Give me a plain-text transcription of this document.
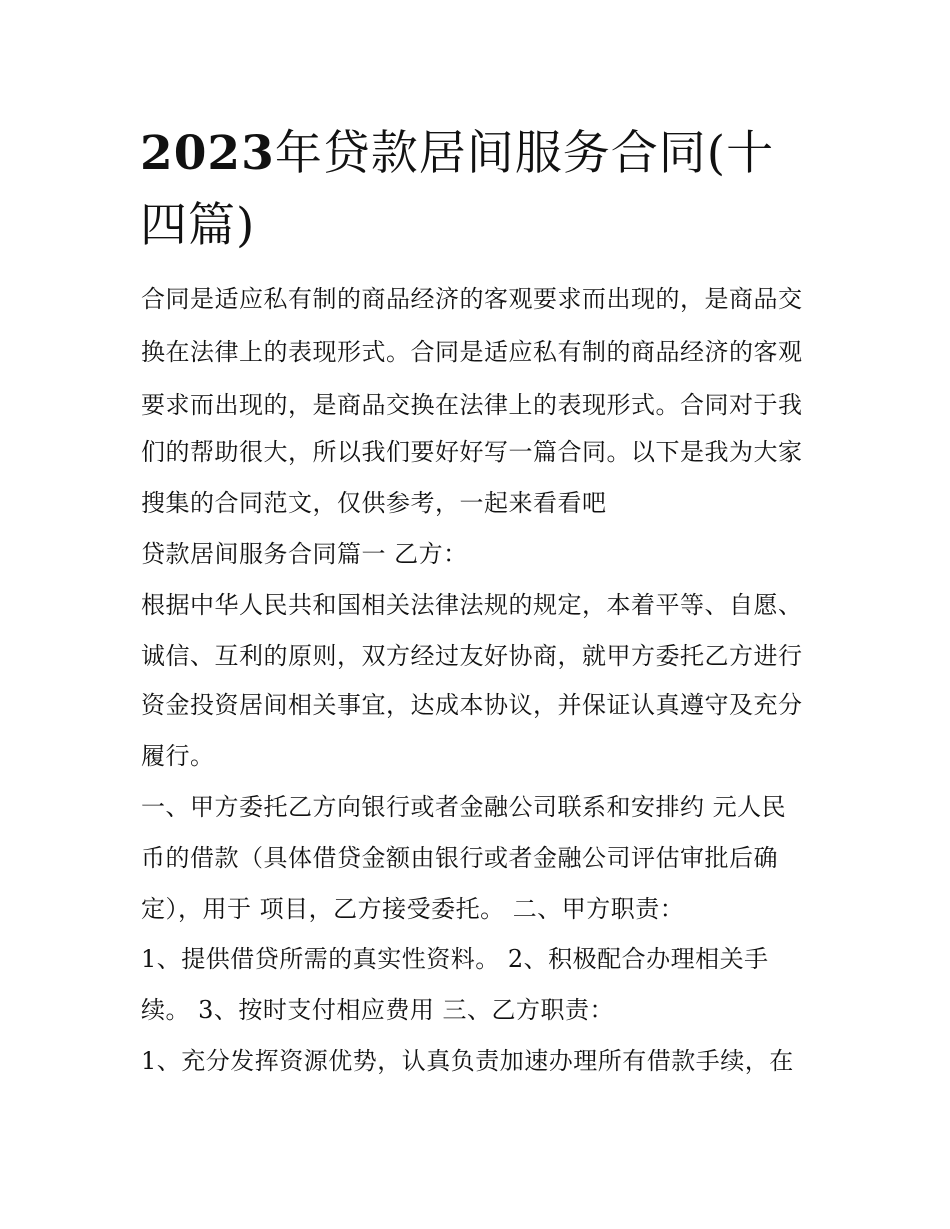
2023年贷款居间服务合同(十
四篇)

合同是适应私有制的商品经济的客观要求而出现的，是商品交

换在法律上的表现形式。合同是适应私有制的商品经济的客观

要求而出现的，是商品交换在法律上的表现形式。合同对于我

们的帮助很大，所以我们要好好写一篇合同。以下是我为大家

搜集的合同范文，仅供参考，一起来看看吧

贷款居间服务合同篇一 乙方：

根据中华人民共和国相关法律法规的规定，本着平等、自愿、

诚信、互利的原则，双方经过友好协商，就甲方委托乙方进行

资金投资居间相关事宜，达成本协议，并保证认真遵守及充分

履行。

一、甲方委托乙方向银行或者金融公司联系和安排约 元人民

币的借款（具体借贷金额由银行或者金融公司评估审批后确

定），用于 项目，乙方接受委托。 二、甲方职责：

1、提供借贷所需的真实性资料。 2、积极配合办理相关手

续。 3、按时支付相应费用 三、乙方职责：

1、充分发挥资源优势，认真负责加速办理所有借款手续，在
